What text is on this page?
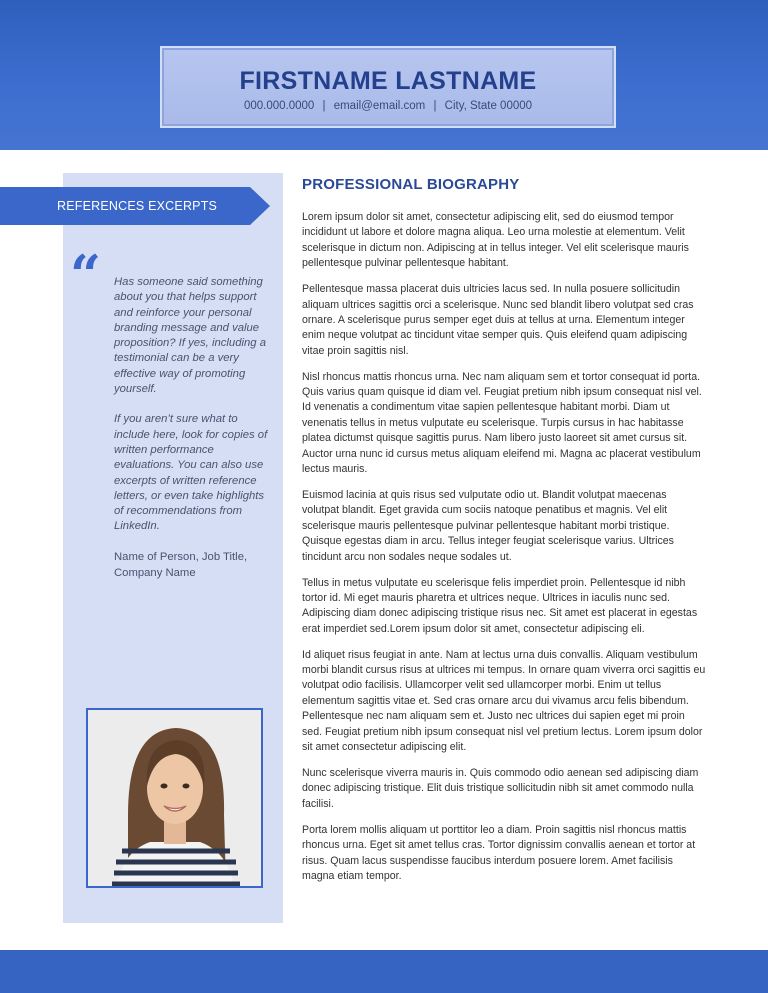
FIRSTNAME LASTNAME
000.000.0000 | email@email.com | City, State 00000
REFERENCES EXCERPTS
“ Has someone said something about you that helps support and reinforce your personal branding message and value proposition? If yes, including a testimonial can be a very effective way of promoting yourself.

If you aren’t sure what to include here, look for copies of written performance evaluations. You can also use excerpts of written reference letters, or even take highlights of recommendations from LinkedIn.

Name of Person, Job Title, Company Name
PROFESSIONAL BIOGRAPHY

Lorem ipsum dolor sit amet, consectetur adipiscing elit, sed do eiusmod tempor incididunt ut labore et dolore magna aliqua. Leo urna molestie at elementum. Velit scelerisque in dictum non. Adipiscing at in tellus integer. Vel elit scelerisque mauris pellentesque pulvinar pellentesque habitant.

Pellentesque massa placerat duis ultricies lacus sed. In nulla posuere sollicitudin aliquam ultrices sagittis orci a scelerisque. Nunc sed blandit libero volutpat sed cras ornare. A scelerisque purus semper eget duis at tellus at urna. Elementum integer enim neque volutpat ac tincidunt vitae semper quis. Quis eleifend quam adipiscing vitae proin sagittis nisl.

Nisl rhoncus mattis rhoncus urna. Nec nam aliquam sem et tortor consequat id porta. Quis varius quam quisque id diam vel. Feugiat pretium nibh ipsum consequat nisl vel. Id venenatis a condimentum vitae sapien pellentesque habitant morbi. Diam ut venenatis tellus in metus vulputate eu scelerisque. Turpis cursus in hac habitasse platea dictumst quisque sagittis purus. Nam libero justo laoreet sit amet cursus sit. Auctor urna nunc id cursus metus aliquam eleifend mi. Magna ac placerat vestibulum lectus mauris.

Euismod lacinia at quis risus sed vulputate odio ut. Blandit volutpat maecenas volutpat blandit. Eget gravida cum sociis natoque penatibus et magnis. Vel elit scelerisque mauris pellentesque pulvinar pellentesque habitant morbi tristique. Quisque egestas diam in arcu. Tellus integer feugiat scelerisque varius. Ultrices tincidunt arcu non sodales neque sodales ut.

Tellus in metus vulputate eu scelerisque felis imperdiet proin. Pellentesque id nibh tortor id. Mi eget mauris pharetra et ultrices neque. Ultrices in iaculis nunc sed. Adipiscing diam donec adipiscing tristique risus nec. Sit amet est placerat in egestas erat imperdiet sed.Lorem ipsum dolor sit amet, consectetur adipiscing eli.

Id aliquet risus feugiat in ante. Nam at lectus urna duis convallis. Aliquam vestibulum morbi blandit cursus risus at ultrices mi tempus. In ornare quam viverra orci sagittis eu volutpat odio facilisis. Ullamcorper velit sed ullamcorper morbi. Enim ut tellus elementum sagittis vitae et. Sed cras ornare arcu dui vivamus arcu felis bibendum. Pellentesque nec nam aliquam sem et. Justo nec ultrices dui sapien eget mi proin sed. Feugiat pretium nibh ipsum consequat nisl vel pretium lectus. Lorem ipsum dolor sit amet consectetur adipiscing elit.

Nunc scelerisque viverra mauris in. Quis commodo odio aenean sed adipiscing diam donec adipiscing tristique. Elit duis tristique sollicitudin nibh sit amet commodo nulla facilisi.

Porta lorem mollis aliquam ut porttitor leo a diam. Proin sagittis nisl rhoncus mattis rhoncus urna. Eget sit amet tellus cras. Tortor dignissim convallis aenean et tortor at risus. Quam lacus suspendisse faucibus interdum posuere lorem. Amet facilisis magna etiam tempor.
